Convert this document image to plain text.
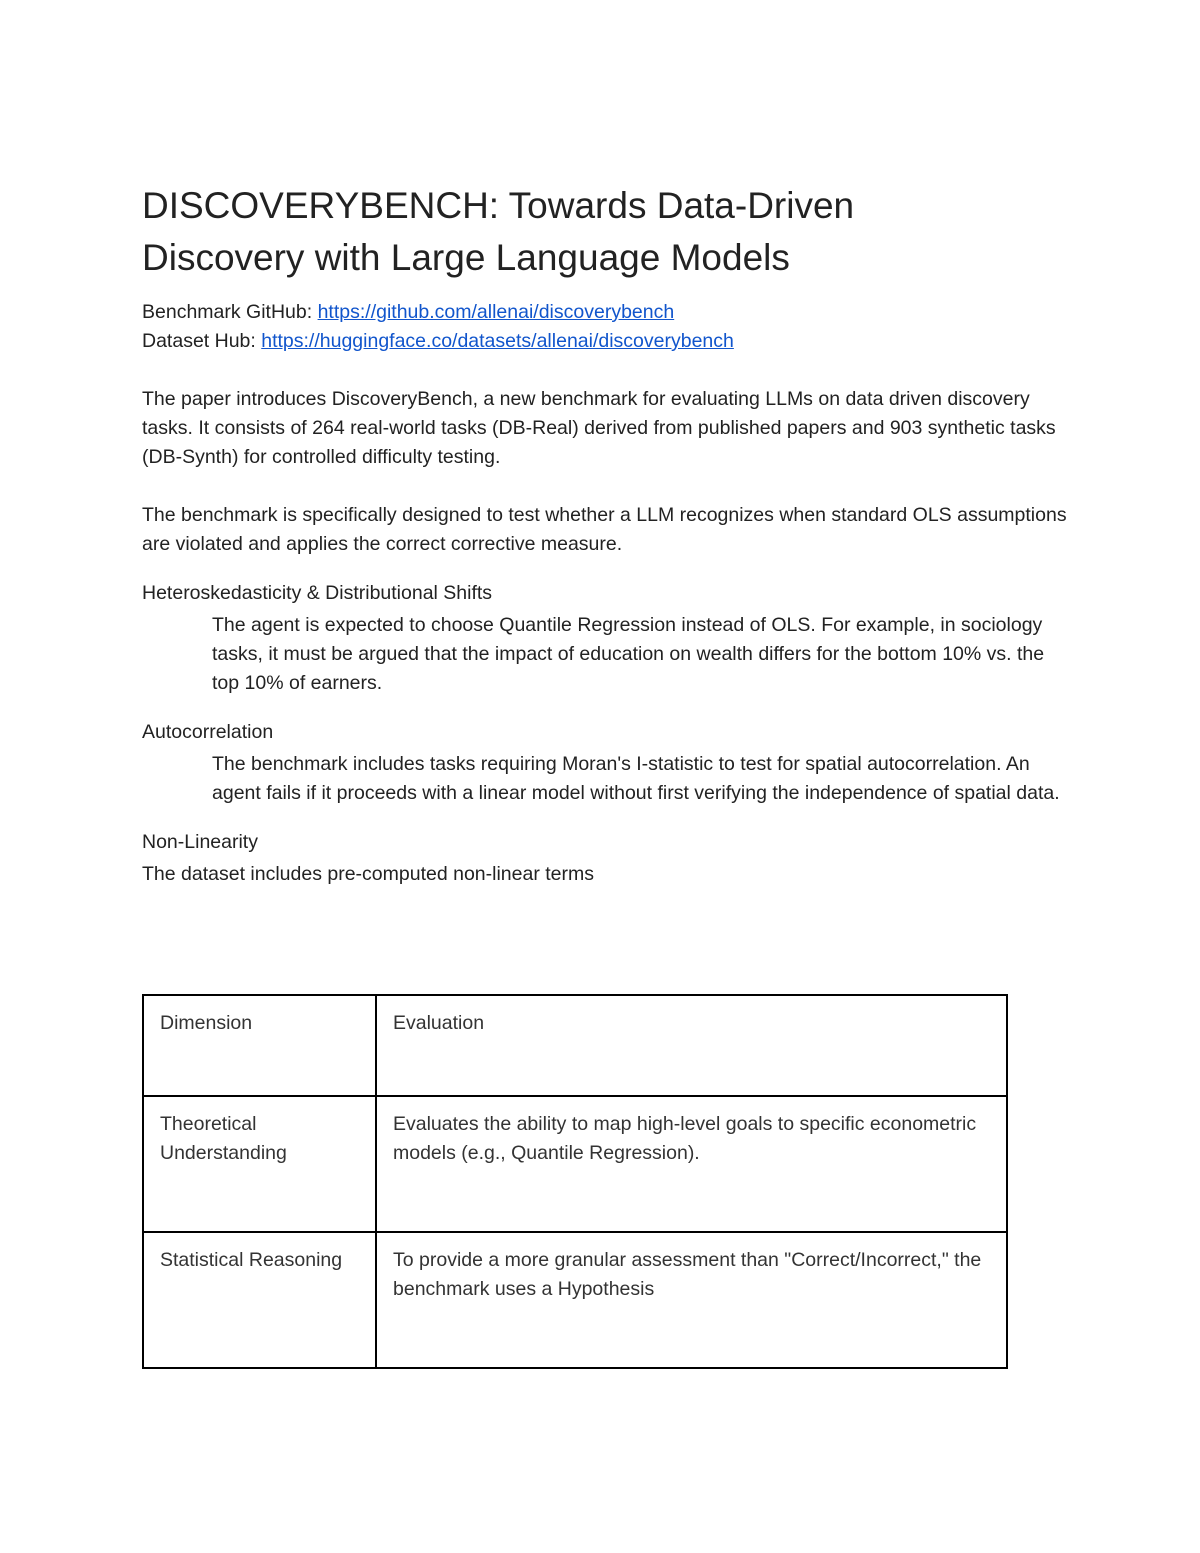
DISCOVERYBENCH: Towards Data-Driven
Discovery with Large Language Models
Benchmark GitHub: https://github.com/allenai/discoverybench
Dataset Hub: https://huggingface.co/datasets/allenai/discoverybench

The paper introduces DiscoveryBench, a new benchmark for evaluating LLMs on data driven discovery tasks. It consists of 264 real-world tasks (DB-Real) derived from published papers and 903 synthetic tasks (DB-Synth) for controlled difficulty testing.

The benchmark is specifically designed to test whether a LLM recognizes when standard OLS assumptions are violated and applies the correct corrective measure.

Heteroskedasticity & Distributional Shifts
The agent is expected to choose Quantile Regression instead of OLS. For example, in sociology tasks, it must be argued that the impact of education on wealth differs for the bottom 10% vs. the top 10% of earners.
Autocorrelation
The benchmark includes tasks requiring Moran's I-statistic to test for spatial autocorrelation. An agent fails if it proceeds with a linear model without first verifying the independence of spatial data.
Non-Linearity
The dataset includes pre-computed non-linear terms
Dimension	Evaluation
Theoretical Understanding	Evaluates the ability to map high-level goals to specific econometric models (e.g., Quantile Regression).
Statistical Reasoning	To provide a more granular assessment than "Correct/Incorrect," the benchmark uses a Hypothesis
